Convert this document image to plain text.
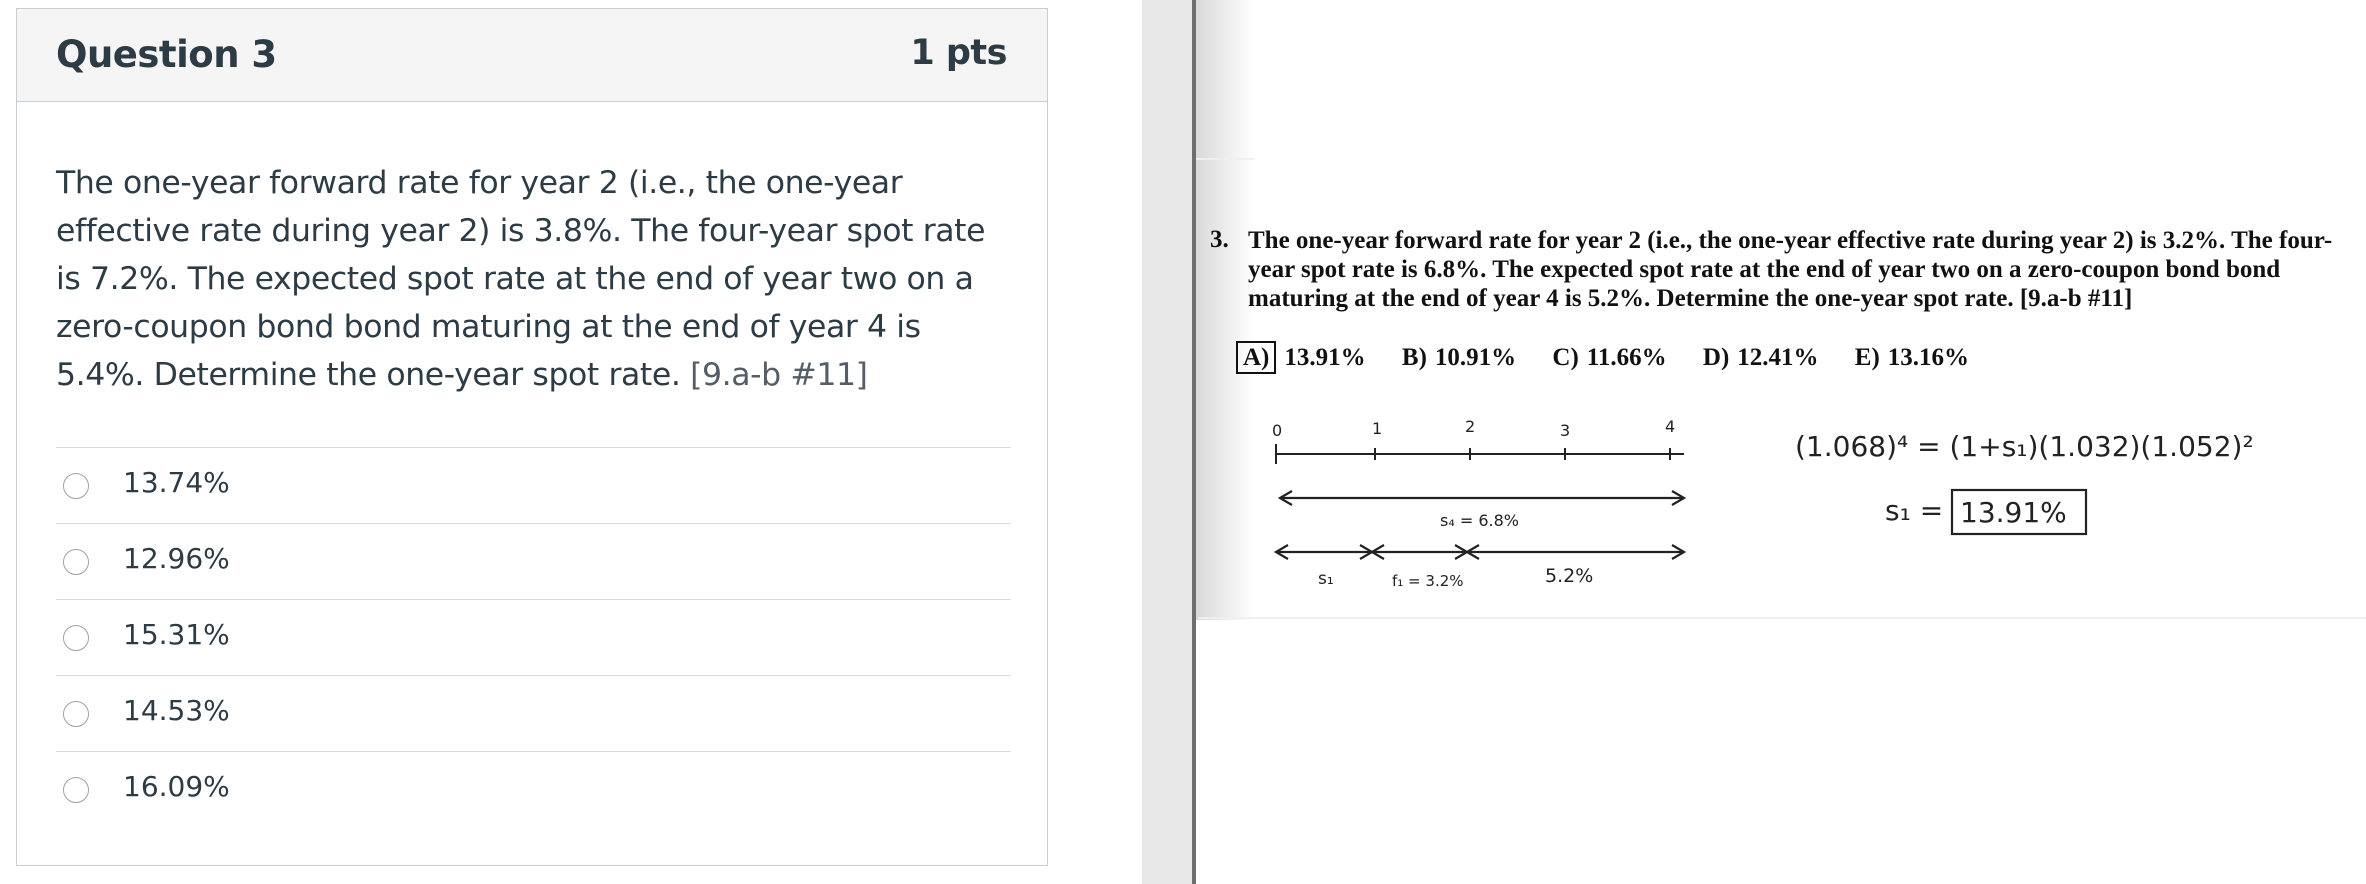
Question 3	1 pts
The one-year forward rate for year 2 (i.e., the one-year effective rate during year 2) is 3.8%. The four-year spot rate is 7.2%. The expected spot rate at the end of year two on a zero-coupon bond bond maturing at the end of year 4 is 5.4%. Determine the one-year spot rate. [9.a-b #11]
13.74%
12.96%
15.31%
14.53%
16.09%
3. The one-year forward rate for year 2 (i.e., the one-year effective rate during year 2) is 3.2%. The four-year spot rate is 6.8%. The expected spot rate at the end of year two on a zero-coupon bond bond maturing at the end of year 4 is 5.2%. Determine the one-year spot rate. [9.a-b #11]
A) 13.91% B) 10.91% C) 11.66% D) 12.41% E) 13.16%
0	1	2	3	4
s₄ = 6.8%
s₁	f₁ = 3.2%	5.2%
(1.068)⁴ = (1+s₁)(1.032)(1.052)²
s₁ = 13.91%
